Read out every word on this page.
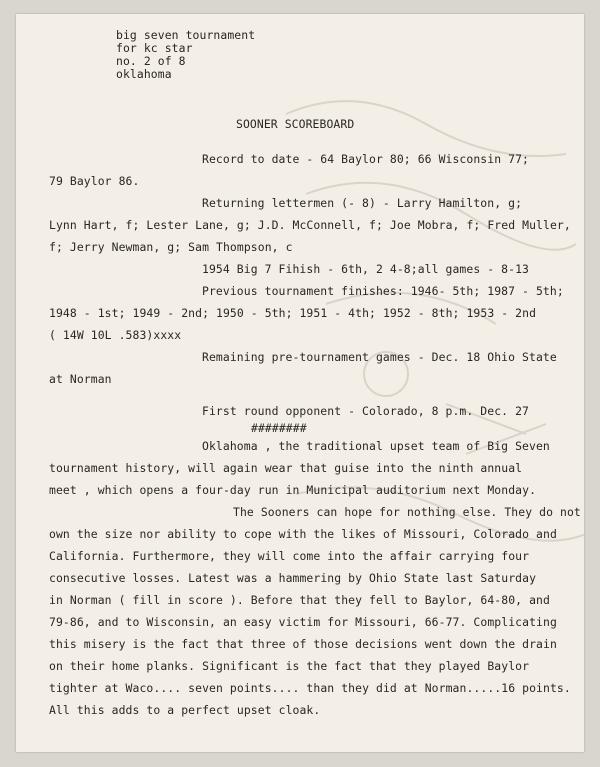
big seven tournament
for kc star
no. 2 of 8
oklahoma
SOONER SCOREBOARD
Record to date - 64 Baylor 80; 66 Wisconsin 77;
79 Baylor 86.
Returning lettermen (- 8) - Larry Hamilton, g;
Lynn Hart, f; Lester Lane, g; J.D. McConnell, f; Joe Mobra, f; Fred Muller,
f; Jerry Newman, g; Sam Thompson, c
1954 Big 7 Fihish - 6th, 2 4-8;all games - 8-13
Previous tournament finishes: 1946- 5th; 1987 - 5th;
1948 - 1st; 1949 - 2nd; 1950 - 5th; 1951 - 4th; 1952 - 8th; 1953 - 2nd
( 14W 10L .583)xxxx
Remaining pre-tournament games - Dec. 18 Ohio State
at Norman
First round opponent - Colorado, 8 p.m. Dec. 27
########
Oklahoma , the traditional upset team of Big Seven
tournament history, will again wear that guise into the ninth annual
meet , which opens a four-day run in Municipal auditorium next Monday.
The Sooners can hope for nothing else. They do not
own the size nor ability to cope with the likes of Missouri, Colorado and
California. Furthermore, they will come into the affair carrying four
consecutive losses. Latest was a hammering by Ohio State last Saturday
in Norman ( fill in score ). Before that they fell to Baylor, 64-80, and
79-86, and to Wisconsin, an easy victim for Missouri, 66-77. Complicating
this misery is the fact that three of those decisions went down the drain
on their home planks. Significant is the fact that they played Baylor
tighter at Waco.... seven points.... than they did at Norman.....16 points.
All this adds to a perfect upset cloak.
